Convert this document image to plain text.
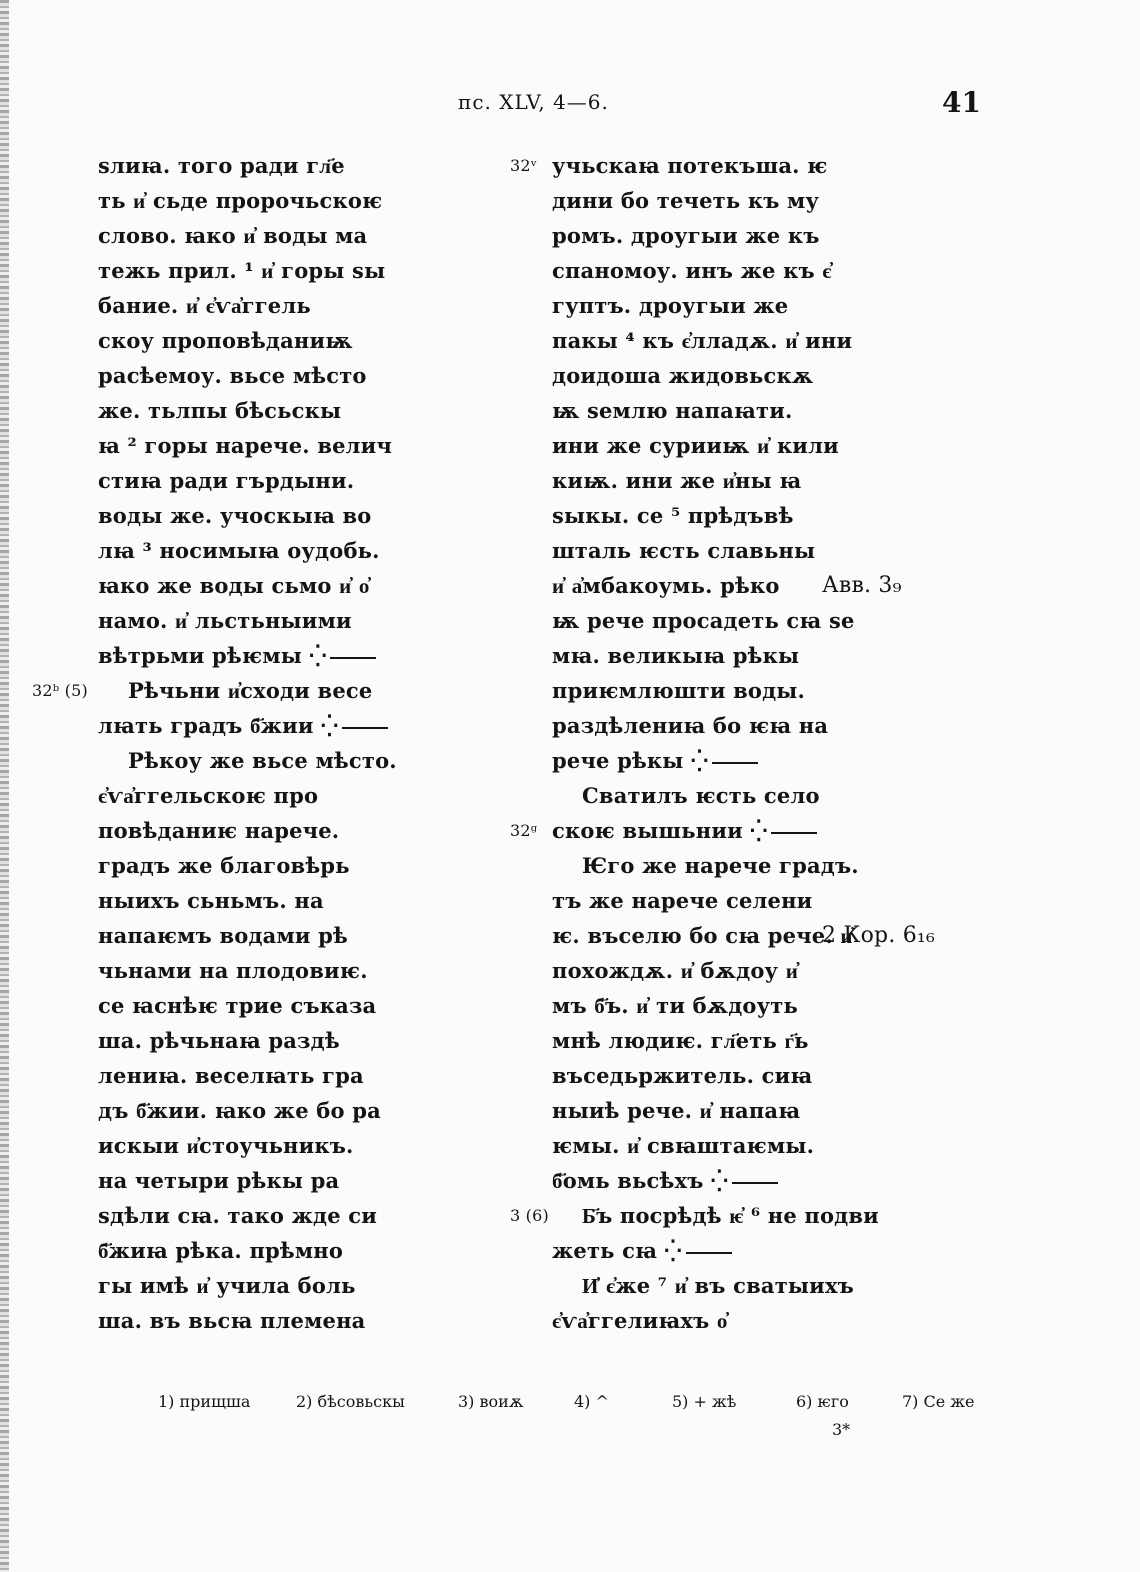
пс. XLV, 4—6.	41
ѕлиꙗ. того ради гл҃е
ть и҆ сьде пророчьскоѥ
слово. ꙗко и҆ воды ма
тежь прил. ¹ и҆ горы ѕы
бание. и҆ є҆ѵа҆ггель
скоу проповѣданиѭ
расѣемоу. вьсе мѣсто
же. тьлпы бѣсьскы
ꙗ ² горы нарече. велич
стиꙗ ради гърдыни.
воды же. учоскыꙗ во
лꙗ ³ носимыꙗ оудобь.
ꙗко же воды сьмо и҆ о҆
намо. и҆ льстьныими
вѣтрьми рѣѥмы ⁛
Рѣчьни и҆сходи весе
32ᵇ (5)
лꙗть градъ б҃жии ⁛
Рѣкоу же вьсе мѣсто.
є҆ѵа҆ггельскоѥ про
повѣданиѥ нарече.
градъ же благовѣрь
ныихъ сьньмъ. на
напаѥмъ водами рѣ
чьнами на плодовиѥ.
се ꙗснѣѥ трие съказа
ша. рѣчьнаꙗ раздѣ
лениꙗ. веселꙗть гра
дъ б҃жии. ꙗко же бо ра
искыи и҆стоучьникъ.
на четыри рѣкы ра
ѕдѣли сꙗ. тако жде си
б҃жиꙗ рѣка. прѣмно
гы имѣ и҆ учила боль
ша. въ вьсꙗ племена
учьскаꙗ потекъша. ѥ
32ᵛ
дини бо течеть къ му
ромъ. дроугыи же къ
спаномоу. инъ же къ є҆
гуптъ. дроугыи же
пакы ⁴ къ є҆лладѫ. и҆ ини
доидоша жидовьскѫ
ѭ ѕемлю напаꙗти.
ини же сурииѭ и҆ кили
киѭ. ини же и҆ны ꙗ
ѕыкы. се ⁵ прѣдъвѣ
шталь ѥсть славьны
и҆ а҆мбакоумь. рѣко Авв. 3₉
ѭ рече просадеть сꙗ ѕе
мꙗ. великыꙗ рѣкы
приѥмлюшти воды.
раздѣлениꙗ бо ѥꙗ на
рече рѣкы ⁛
Сватилъ ѥсть село
скоѥ вышьнии ⁛
32ᵍ
Ѥго же нарече градъ.
тъ же нарече селени
ѥ. въселю бо сꙗ рече. и҆
2 Кор. 6₁₆
похождѫ. и҆ бѫдоу и҆
мъ б҃ъ. и҆ ти бѫдоуть
мнѣ людиѥ. гл҃еть г҃ь
въседьржитель. сиꙗ
ныиѣ рече. и҆ напаꙗ
ѥмы. и҆ свꙗштаѥмы.
б҃омь вьсѣхъ ⁛
Б҃ъ посрѣдѣ ѥ҆ ⁶ не подви
3 (6)
жеть сꙗ ⁛
И҆ є҆же ⁷ и҆ въ сватыихъ
є҆ѵа҆ггелиꙗхъ о҆
1) прищша	2) бѣсовьскы	3) воиѫ	4) ^	5) + жѣ	6) ѥго	7) Се же
3*
